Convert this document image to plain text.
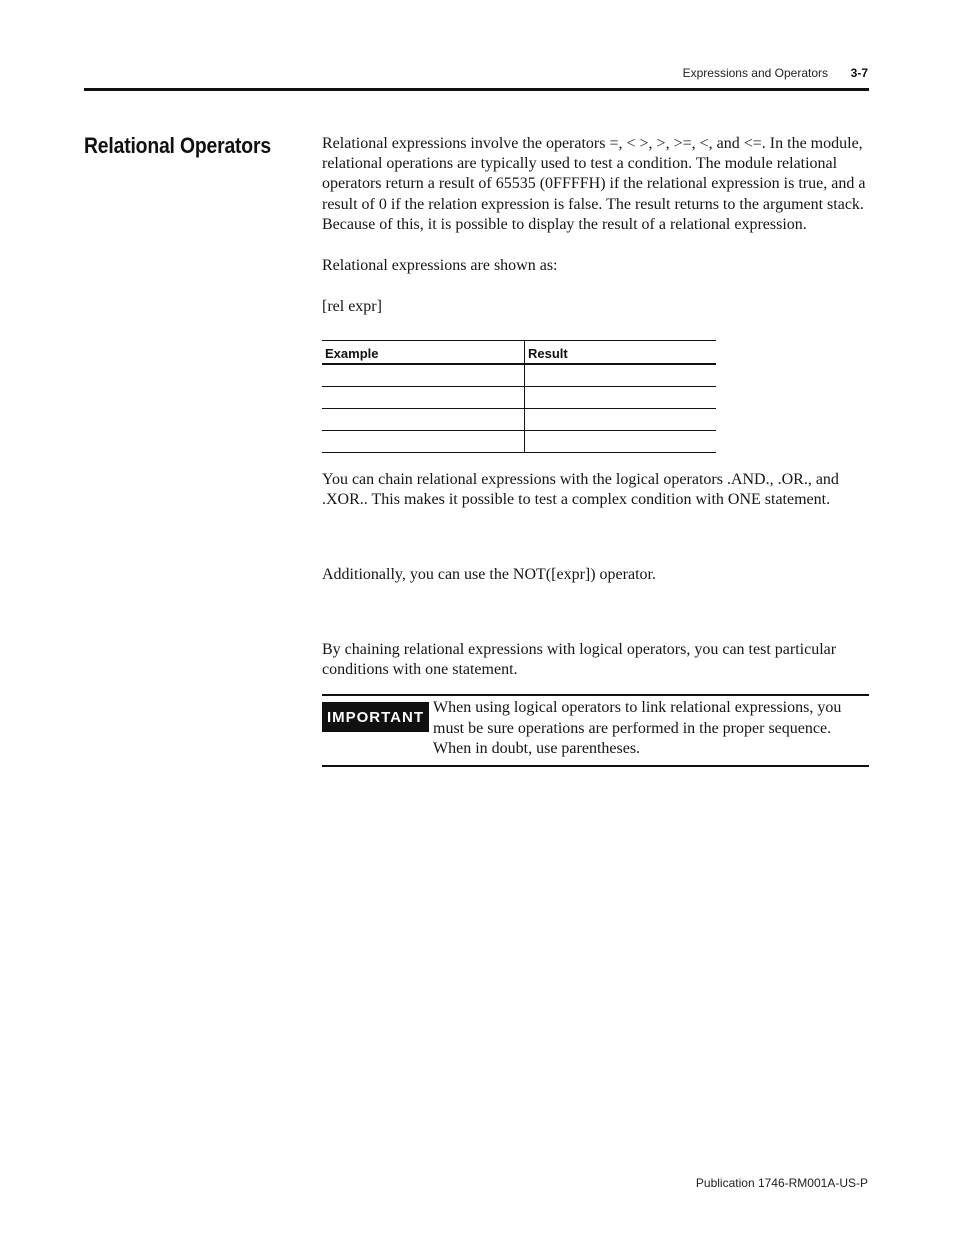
Expressions and Operators 3-7
Relational Operators	Relational expressions involve the operators =, < >, >, >=, <, and <=. In the module, relational operations are typically used to test a condition. The module relational operators return a result of 65535 (0FFFFH) if the relational expression is true, and a result of 0 if the relation expression is false. The result returns to the argument stack. Because of this, it is possible to display the result of a relational expression.

Relational expressions are shown as:

[rel expr]

Example	Result

You can chain relational expressions with the logical operators .AND., .OR., and .XOR.. This makes it possible to test a complex condition with ONE statement.

Additionally, you can use the NOT([expr]) operator.

By chaining relational expressions with logical operators, you can test particular conditions with one statement.

IMPORTANT
When using logical operators to link relational expressions, you must be sure operations are performed in the proper sequence. When in doubt, use parentheses.
Publication 1746-RM001A-US-P
